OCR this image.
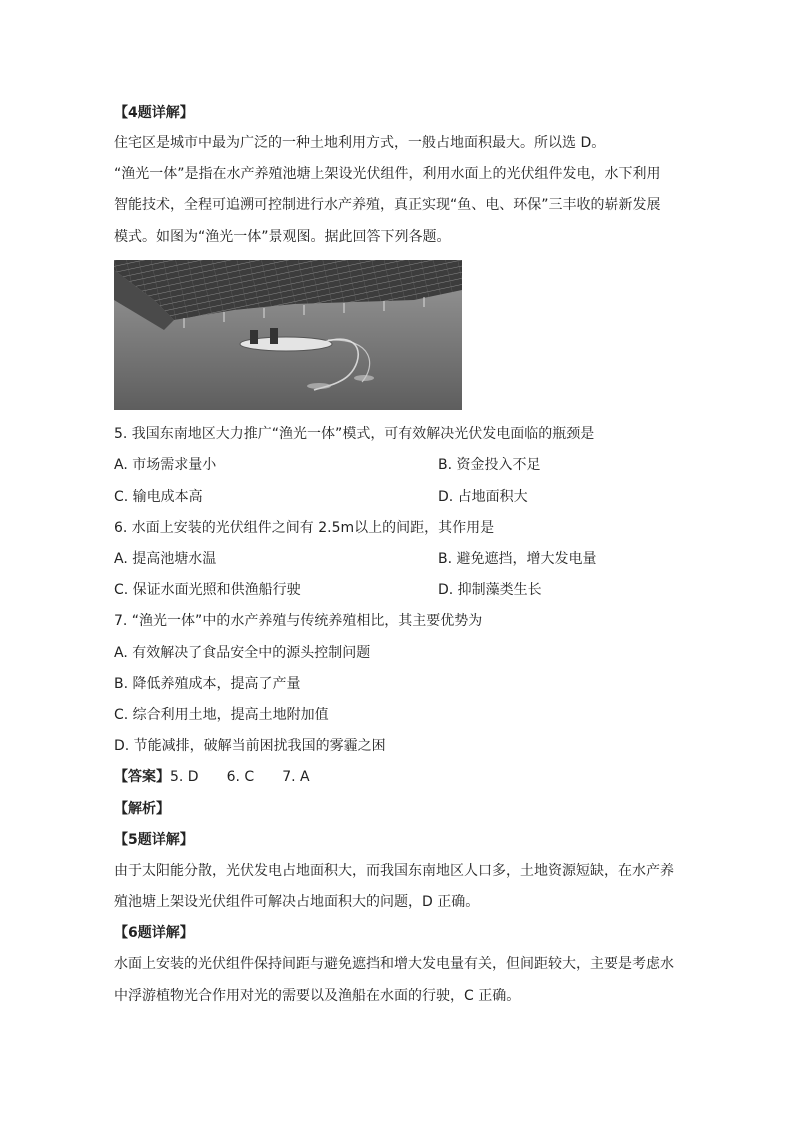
【4题详解】
住宅区是城市中最为广泛的一种土地利用方式，一般占地面积最大。所以选 D。
“渔光一体”是指在水产养殖池塘上架设光伏组件，利用水面上的光伏组件发电，水下利用
智能技术，全程可追溯可控制进行水产养殖，真正实现“鱼、电、环保”三丰收的崭新发展
模式。如图为“渔光一体”景观图。据此回答下列各题。
5. 我国东南地区大力推广“渔光一体”模式，可有效解决光伏发电面临的瓶颈是
A. 市场需求量小	B. 资金投入不足
C. 输电成本高	D. 占地面积大
6. 水面上安装的光伏组件之间有 2.5m以上的间距，其作用是
A. 提高池塘水温	B. 避免遮挡，增大发电量
C. 保证水面光照和供渔船行驶	D. 抑制藻类生长
7. “渔光一体”中的水产养殖与传统养殖相比，其主要优势为
A. 有效解决了食品安全中的源头控制问题
B. 降低养殖成本，提高了产量
C. 综合利用土地，提高土地附加值
D. 节能减排，破解当前困扰我国的雾霾之困
【答案】5. D 6. C 7. A
【解析】
【5题详解】
由于太阳能分散，光伏发电占地面积大，而我国东南地区人口多，土地资源短缺，在水产养
殖池塘上架设光伏组件可解决占地面积大的问题，D 正确。
【6题详解】
水面上安装的光伏组件保持间距与避免遮挡和增大发电量有关，但间距较大，主要是考虑水
中浮游植物光合作用对光的需要以及渔船在水面的行驶，C 正确。
